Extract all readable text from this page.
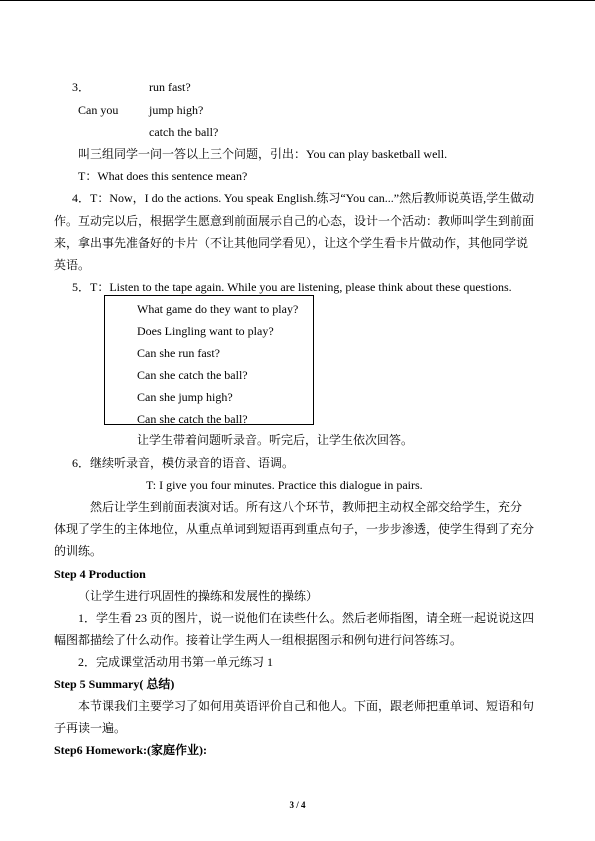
3．	run fast?
Can you	jump high?
catch the ball?
叫三组同学一问一答以上三个问题，引出：You can play basketball well.
T：What does this sentence mean?
4．T：Now，I do the actions. You speak English.练习“You can...”然后教师说英语,学生做动
作。互动完以后，根据学生愿意到前面展示自己的心态，设计一个活动：教师叫学生到前面
来，拿出事先准备好的卡片（不让其他同学看见），让这个学生看卡片做动作，其他同学说
英语。
5．T：Listen to the tape again. While you are listening, please think about these questions.
What game do they want to play?
Does Lingling want to play?
Can she run fast?
Can she catch the ball?
Can she jump high?
Can she catch the ball?
让学生带着问题听录音。听完后，让学生依次回答。
6．继续听录音，模仿录音的语音、语调。
T: I give you four minutes. Practice this dialogue in pairs.
然后让学生到前面表演对话。所有这八个环节，教师把主动权全部交给学生，充分
体现了学生的主体地位，从重点单词到短语再到重点句子，一步步渗透，使学生得到了充分
的训练。
Step 4 Production
（让学生进行巩固性的操练和发展性的操练）
1．学生看 23 页的图片，说一说他们在读些什么。然后老师指图，请全班一起说说这四
幅图都描绘了什么动作。接着让学生两人一组根据图示和例句进行问答练习。
2．完成课堂活动用书第一单元练习 1
Step 5 Summary( 总结)
本节课我们主要学习了如何用英语评价自己和他人。下面，跟老师把重单词、短语和句
子再读一遍。
Step6 Homework:(家庭作业):
3 / 4
